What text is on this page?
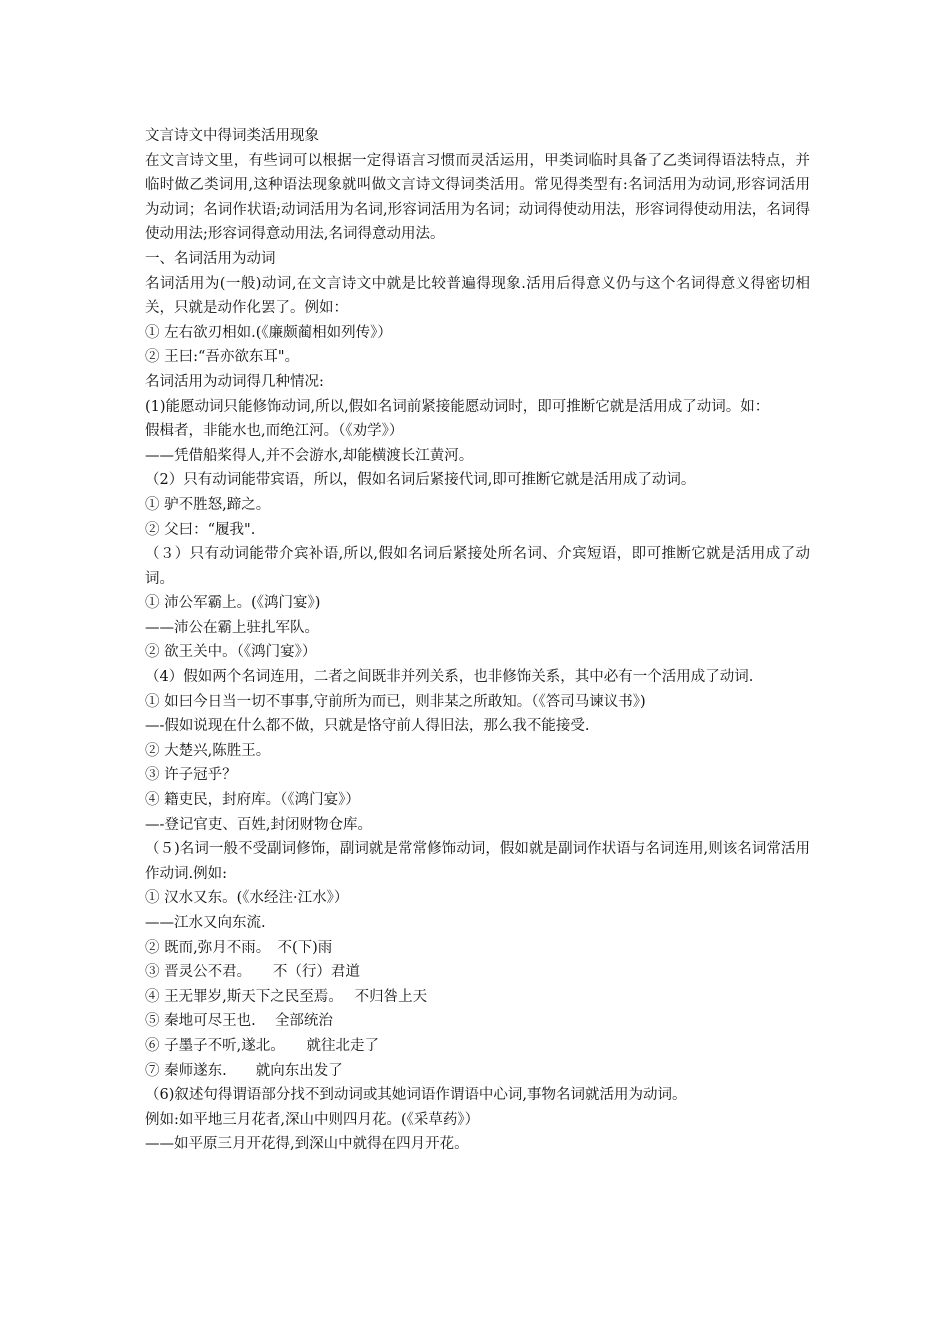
文言诗文中得词类活用现象

在文言诗文里，有些词可以根据一定得语言习惯而灵活运用，甲类词临时具备了乙类词得语法特点，并临时做乙类词用,这种语法现象就叫做文言诗文得词类活用。常见得类型有:名词活用为动词,形容词活用为动词；名词作状语;动词活用为名词,形容词活用为名词；动词得使动用法，形容词得使动用法，名词得使动用法;形容词得意动用法,名词得意动用法。

一、名词活用为动词

名词活用为(一般)动词,在文言诗文中就是比较普遍得现象.活用后得意义仍与这个名词得意义得密切相关，只就是动作化罢了。例如：

① 左右欲刃相如.(《廉颇蔺相如列传》）

② 王曰:“吾亦欲东耳"。

名词活用为动词得几种情况:

(1)能愿动词只能修饰动词,所以,假如名词前紧接能愿动词时，即可推断它就是活用成了动词。如：

假楫者，非能水也,而绝江河。（《劝学》）

——凭借船桨得人,并不会游水,却能横渡长江黄河。

（2）只有动词能带宾语，所以，假如名词后紧接代词,即可推断它就是活用成了动词。

① 驴不胜怒,蹄之。

② 父曰：“履我".

（３）只有动词能带介宾补语,所以,假如名词后紧接处所名词、介宾短语，即可推断它就是活用成了动词。

① 沛公军霸上。(《鸿门宴》)

——沛公在霸上驻扎军队。

② 欲王关中。（《鸿门宴》）

（4）假如两个名词连用，二者之间既非并列关系，也非修饰关系，其中必有一个活用成了动词.

① 如曰今日当一切不事事,守前所为而已，则非某之所敢知。（《答司马谏议书》)

—-假如说现在什么都不做，只就是恪守前人得旧法，那么我不能接受.

② 大楚兴,陈胜王。

③ 许子冠乎？

④ 籍吏民，封府库。（《鸿门宴》）

—-登记官吏、百姓,封闭财物仓库。

（５)名词一般不受副词修饰，副词就是常常修饰动词，假如就是副词作状语与名词连用,则该名词常活用作动词.例如:

① 汉水又东。(《水经注·江水》）

——江水又向东流.

② 既而,弥月不雨。　不(下)雨

③ 晋灵公不君。　　不（行）君道

④ 王无罪岁,斯天下之民至焉。　 不归咎上天

⑤ 秦地可尽王也.　 全部统治

⑥ 子墨子不听,遂北。　　就往北走了

⑦ 秦师遂东.　　就向东出发了

（6)叙述句得谓语部分找不到动词或其她词语作谓语中心词,事物名词就活用为动词。

例如:如平地三月花者,深山中则四月花。(《采草药》）

——如平原三月开花得,到深山中就得在四月开花。
